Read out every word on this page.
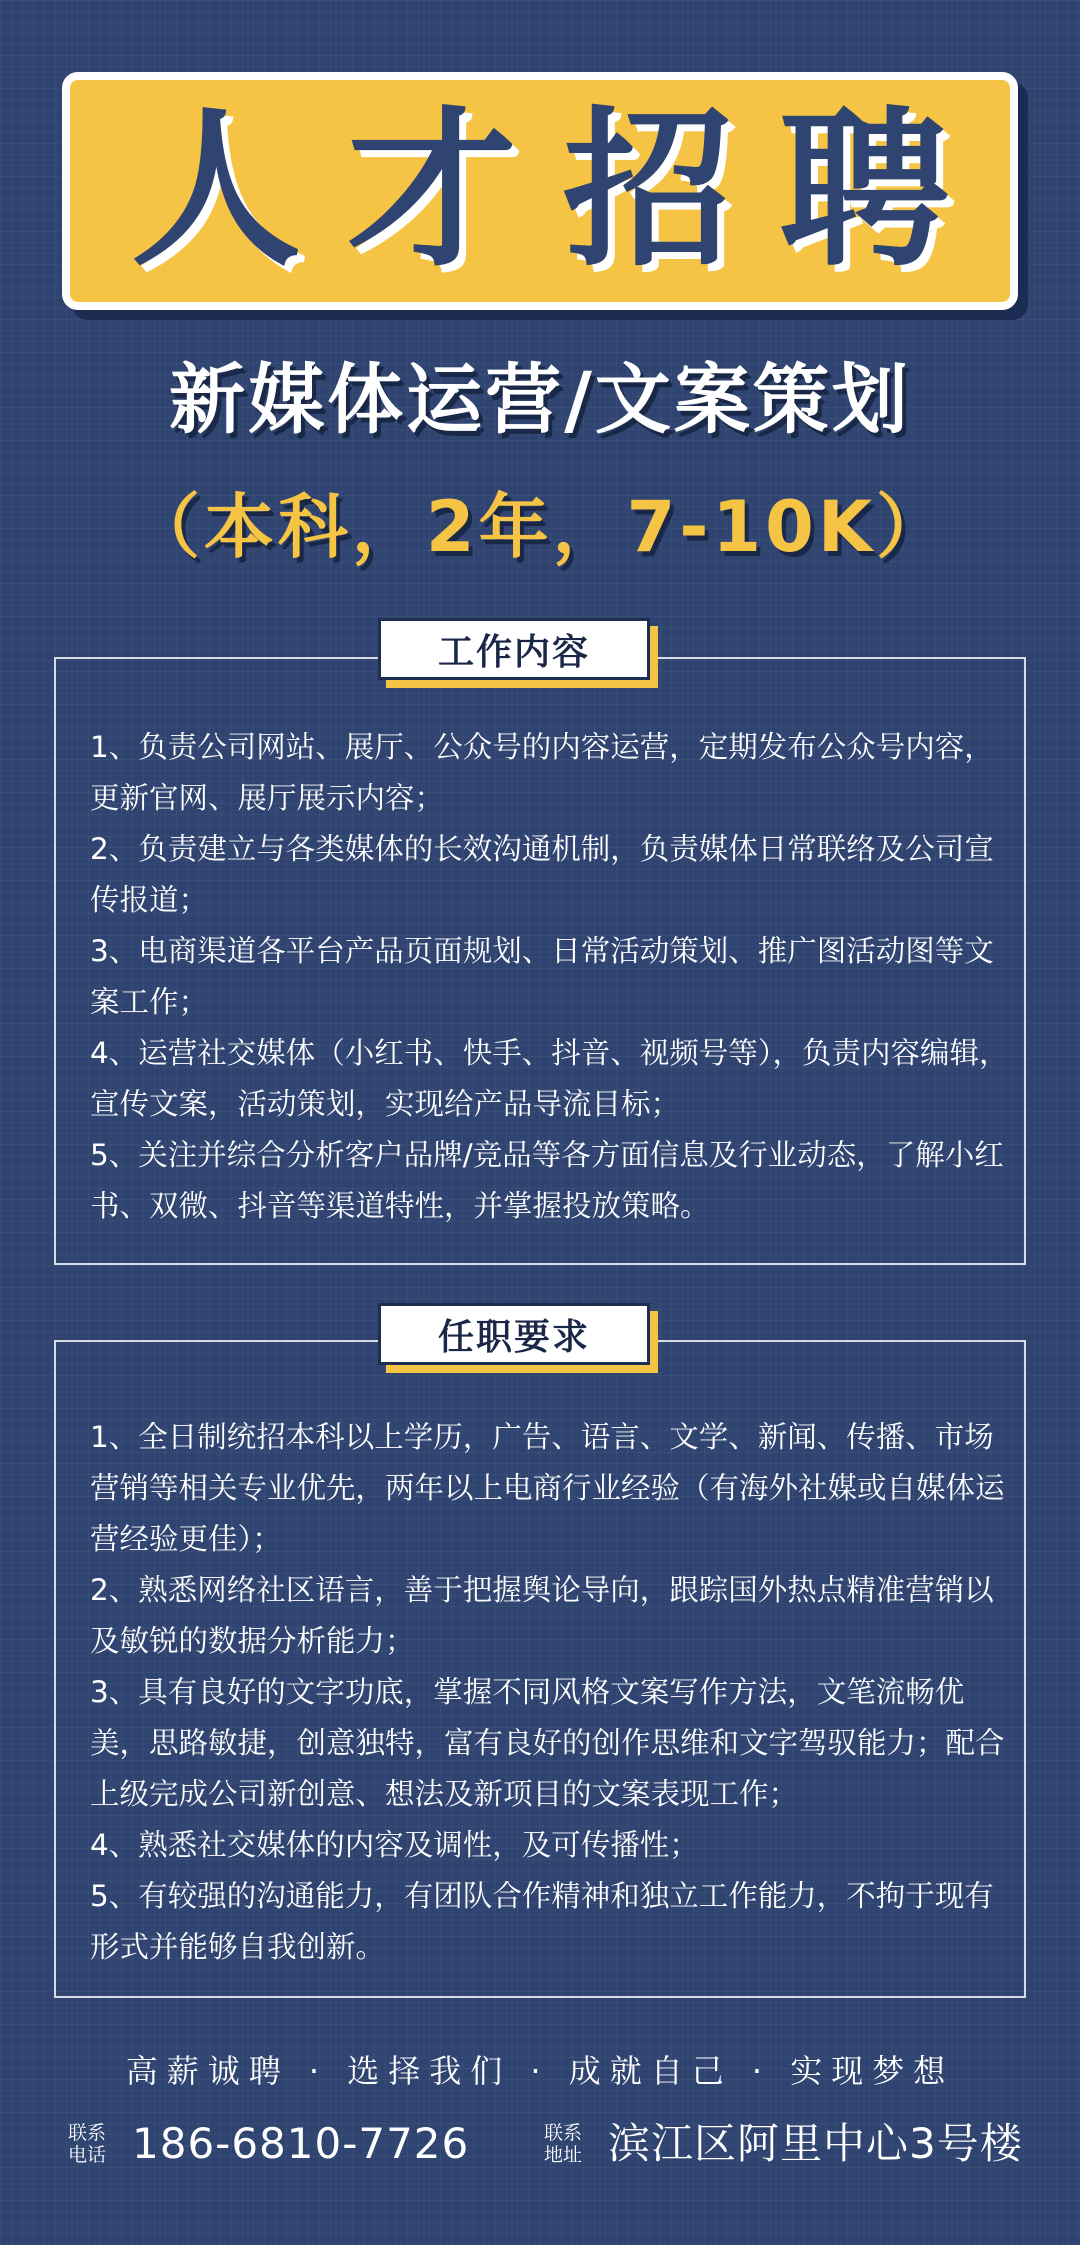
人才招聘
新媒体运营/文案策划
（本科，2年，7-10K）
工作内容
1、负责公司网站、展厅、公众号的内容运营，定期发布公众号内容，更新官网、展厅展示内容；
2、负责建立与各类媒体的长效沟通机制，负责媒体日常联络及公司宣传报道；
3、电商渠道各平台产品页面规划、日常活动策划、推广图活动图等文案工作；
4、运营社交媒体（小红书、快手、抖音、视频号等），负责内容编辑，宣传文案，活动策划，实现给产品导流目标；
5、关注并综合分析客户品牌/竞品等各方面信息及行业动态，了解小红书、双微、抖音等渠道特性，并掌握投放策略。
任职要求
1、全日制统招本科以上学历，广告、语言、文学、新闻、传播、市场营销等相关专业优先，两年以上电商行业经验（有海外社媒或自媒体运营经验更佳）；
2、熟悉网络社区语言，善于把握舆论导向，跟踪国外热点精准营销以及敏锐的数据分析能力；
3、具有良好的文字功底，掌握不同风格文案写作方法，文笔流畅优美，思路敏捷，创意独特，富有良好的创作思维和文字驾驭能力；配合上级完成公司新创意、想法及新项目的文案表现工作；
4、熟悉社交媒体的内容及调性，及可传播性；
5、有较强的沟通能力，有团队合作精神和独立工作能力，不拘于现有形式并能够自我创新。
高薪诚聘 · 选择我们 · 成就自己 · 实现梦想
联系
电话 186-6810-7726	联系
地址 滨江区阿里中心3号楼
